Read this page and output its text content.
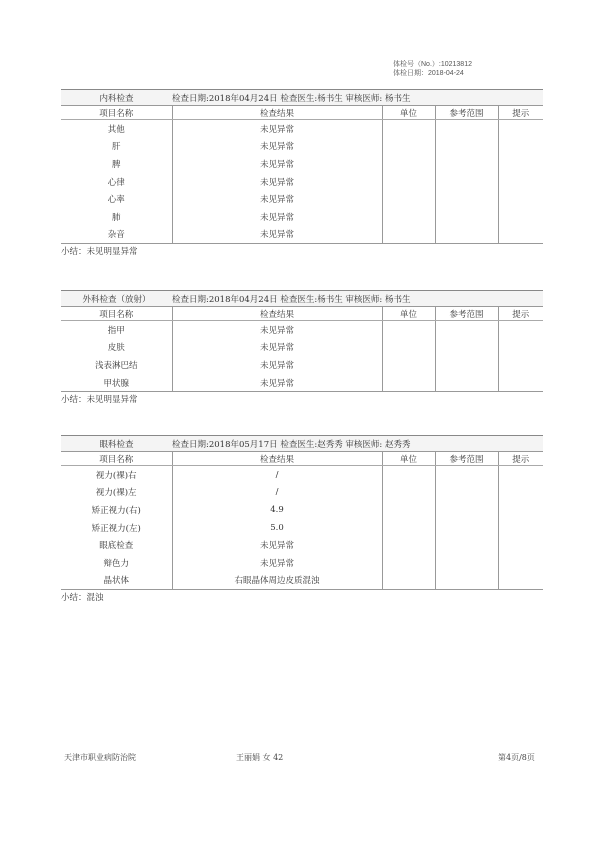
体检号（No.）:10213812
体检日期：2018-04-24
内科检查	检查日期:2018年04月24日 检查医生:杨书生 审核医师: 杨书生
项目名称	检查结果	单位	参考范围	提示
其他	未见异常			
肝	未见异常			
脾	未见异常			
心律	未见异常			
心率	未见异常			
肺	未见异常			
杂音	未见异常			
小结：未见明显异常
外科检查（放射）	检查日期:2018年04月24日 检查医生:杨书生 审核医师: 杨书生
项目名称	检查结果	单位	参考范围	提示
指甲	未见异常			
皮肤	未见异常			
浅表淋巴结	未见异常			
甲状腺	未见异常			
小结：未见明显异常
眼科检查	检查日期:2018年05月17日 检查医生:赵秀秀 审核医师: 赵秀秀
项目名称	检查结果	单位	参考范围	提示
视力(裸)右	/			
视力(裸)左	/			
矫正视力(右)	4.9			
矫正视力(左)	5.0			
眼底检查	未见异常			
辩色力	未见异常			
晶状体	右眼晶体周边皮质混浊			
小结：混浊
天津市职业病防治院	王丽娟 女 42	第4页/8页
